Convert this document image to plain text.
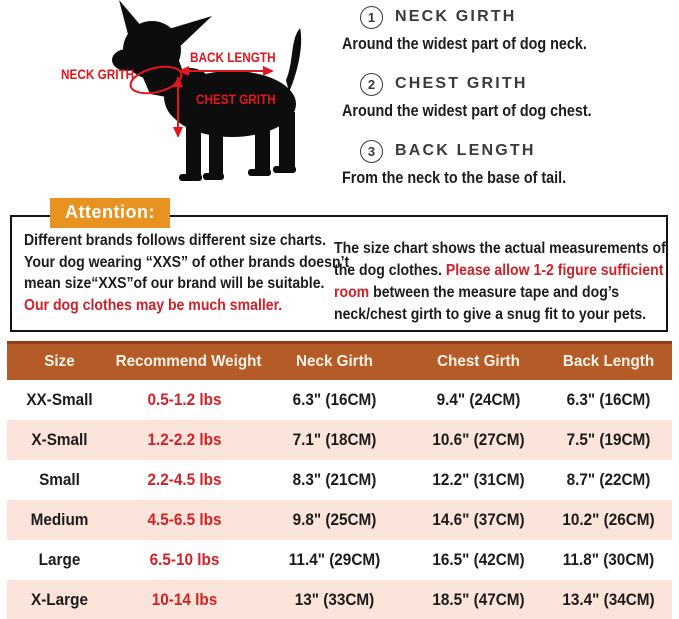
NECK GRITH
BACK LENGTH
CHEST GRITH
1	NECK GIRTH
Around the widest part of dog neck.
2	CHEST GRITH
Around the widest part of dog chest.
3	BACK LENGTH
From the neck to the base of tail.
Attention:
Different brands follows different size charts.
Your dog wearing “XXS” of other brands doesn’t
mean size“XXS”of our brand will be suitable.
Our dog clothes may be much smaller.
The size chart shows the actual measurements of the dog clothes. Please allow 1-2 figure sufficient room between the measure tape and dog’s neck/chest girth to give a snug fit to your pets.
Size	Recommend Weight	Neck Girth	Chest Girth	Back Length
XX-Small	0.5-1.2 lbs	6.3" (16CM)	9.4" (24CM)	6.3" (16CM)
X-Small	1.2-2.2 lbs	7.1" (18CM)	10.6" (27CM)	7.5" (19CM)
Small	2.2-4.5 lbs	8.3" (21CM)	12.2" (31CM)	8.7" (22CM)
Medium	4.5-6.5 lbs	9.8" (25CM)	14.6" (37CM)	10.2" (26CM)
Large	6.5-10 lbs	11.4" (29CM)	16.5" (42CM)	11.8" (30CM)
X-Large	10-14 lbs	13" (33CM)	18.5" (47CM)	13.4" (34CM)
